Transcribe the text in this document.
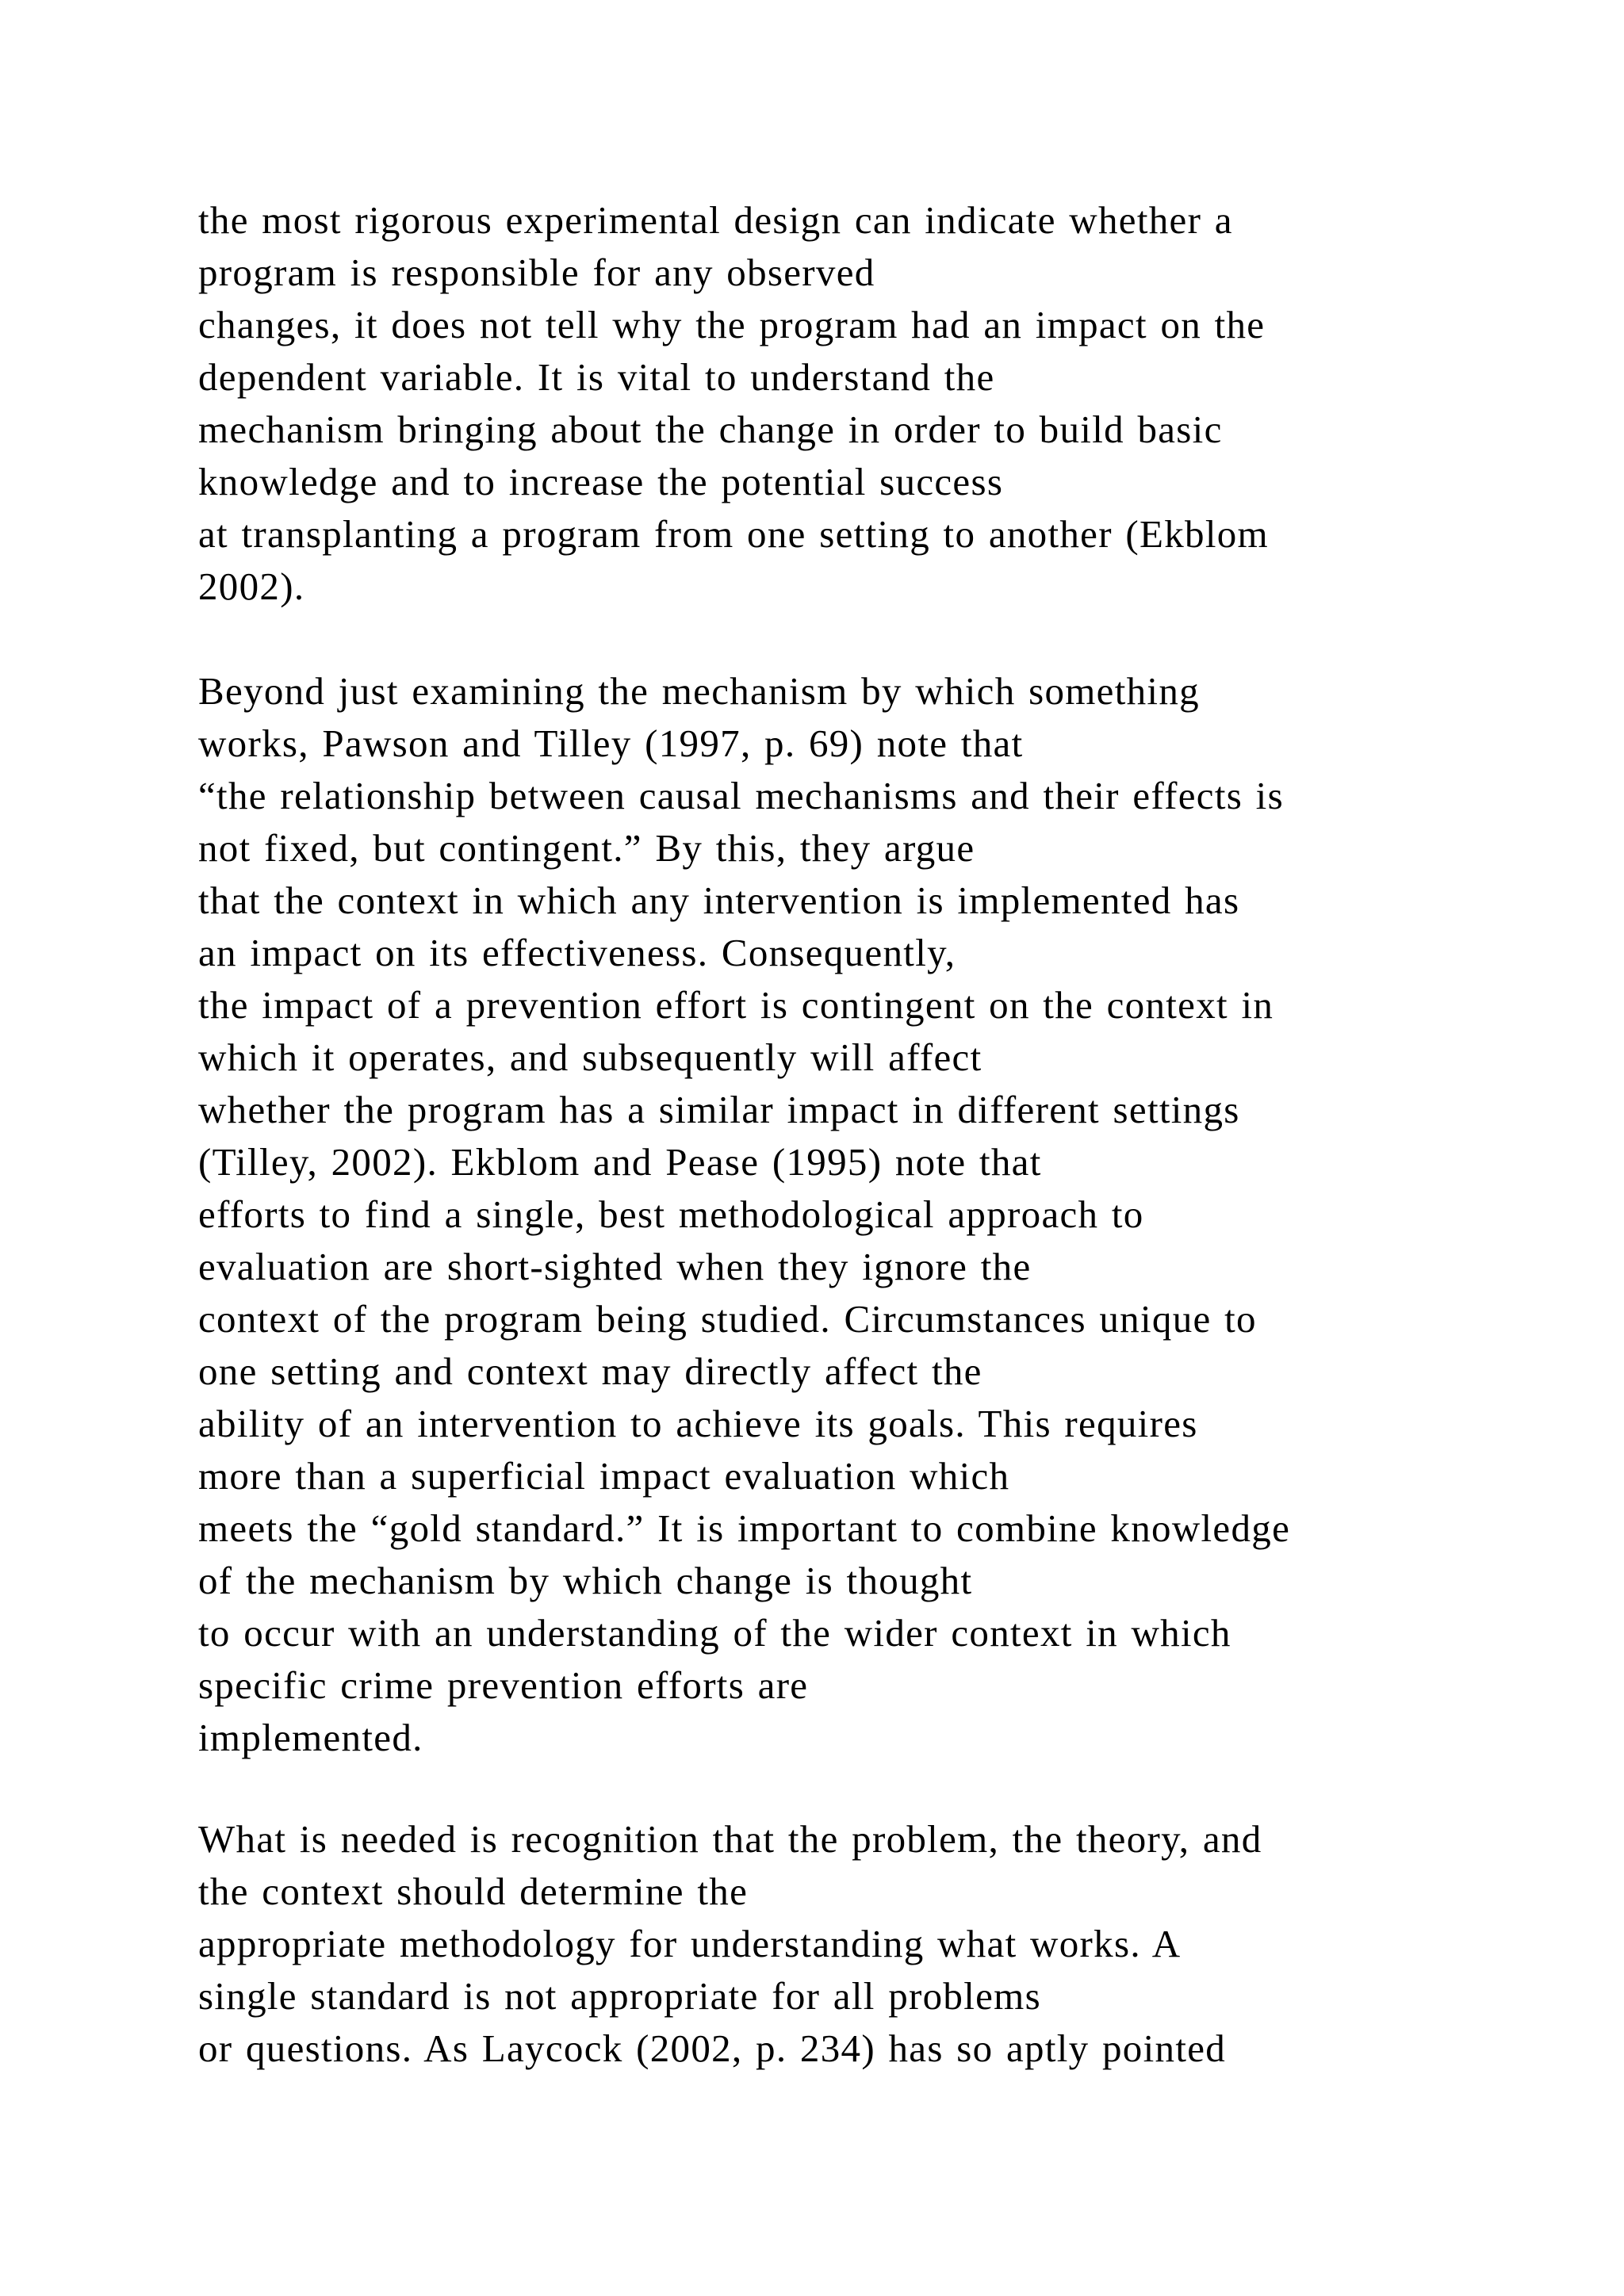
the most rigorous experimental design can indicate whether a
program is responsible for any observed
changes, it does not tell why the program had an impact on the
dependent variable. It is vital to understand the
mechanism bringing about the change in order to build basic
knowledge and to increase the potential success
at transplanting a program from one setting to another (Ekblom
2002).
Beyond just examining the mechanism by which something
works, Pawson and Tilley (1997, p. 69) note that
“the relationship between causal mechanisms and their effects is
not fixed, but contingent.” By this, they argue
that the context in which any intervention is implemented has
an impact on its effectiveness. Consequently,
the impact of a prevention effort is contingent on the context in
which it operates, and subsequently will affect
whether the program has a similar impact in different settings
(Tilley, 2002). Ekblom and Pease (1995) note that
efforts to find a single, best methodological approach to
evaluation are short-sighted when they ignore the
context of the program being studied. Circumstances unique to
one setting and context may directly affect the
ability of an intervention to achieve its goals. This requires
more than a superficial impact evaluation which
meets the “gold standard.” It is important to combine knowledge
of the mechanism by which change is thought
to occur with an understanding of the wider context in which
specific crime prevention efforts are
implemented.
What is needed is recognition that the problem, the theory, and
the context should determine the
appropriate methodology for understanding what works. A
single standard is not appropriate for all problems
or questions. As Laycock (2002, p. 234) has so aptly pointed
